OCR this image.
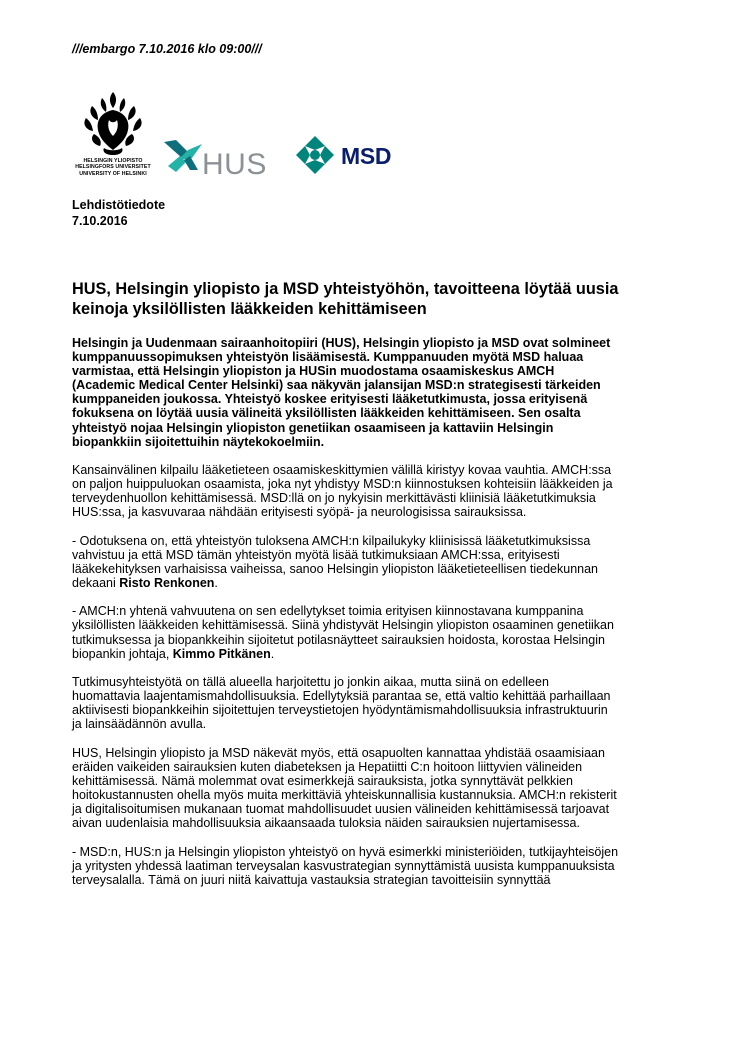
///embargo 7.10.2016 klo 09:00///
HELSINGIN YLIOPISTO
HELSINGFORS UNIVERSITET
UNIVERSITY OF HELSINKI HUS	MSD
Lehdistötiedote
7.10.2016
HUS, Helsingin yliopisto ja MSD yhteistyöhön, tavoitteena löytää uusia
keinoja yksilöllisten lääkkeiden kehittämiseen

Helsingin ja Uudenmaan sairaanhoitopiiri (HUS), Helsingin yliopisto ja MSD ovat solmineet
kumppanuussopimuksen yhteistyön lisäämisestä. Kumppanuuden myötä MSD haluaa
varmistaa, että Helsingin yliopiston ja HUSin muodostama osaamiskeskus AMCH
(Academic Medical Center Helsinki) saa näkyvän jalansijan MSD:n strategisesti tärkeiden
kumppaneiden joukossa. Yhteistyö koskee erityisesti lääketutkimusta, jossa erityisenä
fokuksena on löytää uusia välineitä yksilöllisten lääkkeiden kehittämiseen. Sen osalta
yhteistyö nojaa Helsingin yliopiston genetiikan osaamiseen ja kattaviin Helsingin
biopankkiin sijoitettuihin näytekokoelmiin.

Kansainvälinen kilpailu lääketieteen osaamiskeskittymien välillä kiristyy kovaa vauhtia. AMCH:ssa
on paljon huippuluokan osaamista, joka nyt yhdistyy MSD:n kiinnostuksen kohteisiin lääkkeiden ja
terveydenhuollon kehittämisessä. MSD:llä on jo nykyisin merkittävästi kliinisiä lääketutkimuksia
HUS:ssa, ja kasvuvaraa nähdään erityisesti syöpä- ja neurologisissa sairauksissa.

- Odotuksena on, että yhteistyön tuloksena AMCH:n kilpailukyky kliinisissä lääketutkimuksissa
vahvistuu ja että MSD tämän yhteistyön myötä lisää tutkimuksiaan AMCH:ssa, erityisesti
lääkekehityksen varhaisissa vaiheissa, sanoo Helsingin yliopiston lääketieteellisen tiedekunnan
dekaani Risto Renkonen.

- AMCH:n yhtenä vahvuutena on sen edellytykset toimia erityisen kiinnostavana kumppanina
yksilöllisten lääkkeiden kehittämisessä. Siinä yhdistyvät Helsingin yliopiston osaaminen genetiikan
tutkimuksessa ja biopankkeihin sijoitetut potilasnäytteet sairauksien hoidosta, korostaa Helsingin
biopankin johtaja, Kimmo Pitkänen.

Tutkimusyhteistyötä on tällä alueella harjoitettu jo jonkin aikaa, mutta siinä on edelleen
huomattavia laajentamismahdollisuuksia. Edellytyksiä parantaa se, että valtio kehittää parhaillaan
aktiivisesti biopankkeihin sijoitettujen terveystietojen hyödyntämismahdollisuuksia infrastruktuurin
ja lainsäädännön avulla.

HUS, Helsingin yliopisto ja MSD näkevät myös, että osapuolten kannattaa yhdistää osaamisiaan
eräiden vaikeiden sairauksien kuten diabeteksen ja Hepatiitti C:n hoitoon liittyvien välineiden
kehittämisessä. Nämä molemmat ovat esimerkkejä sairauksista, jotka synnyttävät pelkkien
hoitokustannusten ohella myös muita merkittäviä yhteiskunnallisia kustannuksia. AMCH:n rekisterit
ja digitalisoitumisen mukanaan tuomat mahdollisuudet uusien välineiden kehittämisessä tarjoavat
aivan uudenlaisia mahdollisuuksia aikaansaada tuloksia näiden sairauksien nujertamisessa.

- MSD:n, HUS:n ja Helsingin yliopiston yhteistyö on hyvä esimerkki ministeriöiden, tutkijayhteisöjen
ja yritysten yhdessä laatiman terveysalan kasvustrategian synnyttämistä uusista kumppanuuksista
terveysalalla. Tämä on juuri niitä kaivattuja vastauksia strategian tavoitteisiin synnyttää
